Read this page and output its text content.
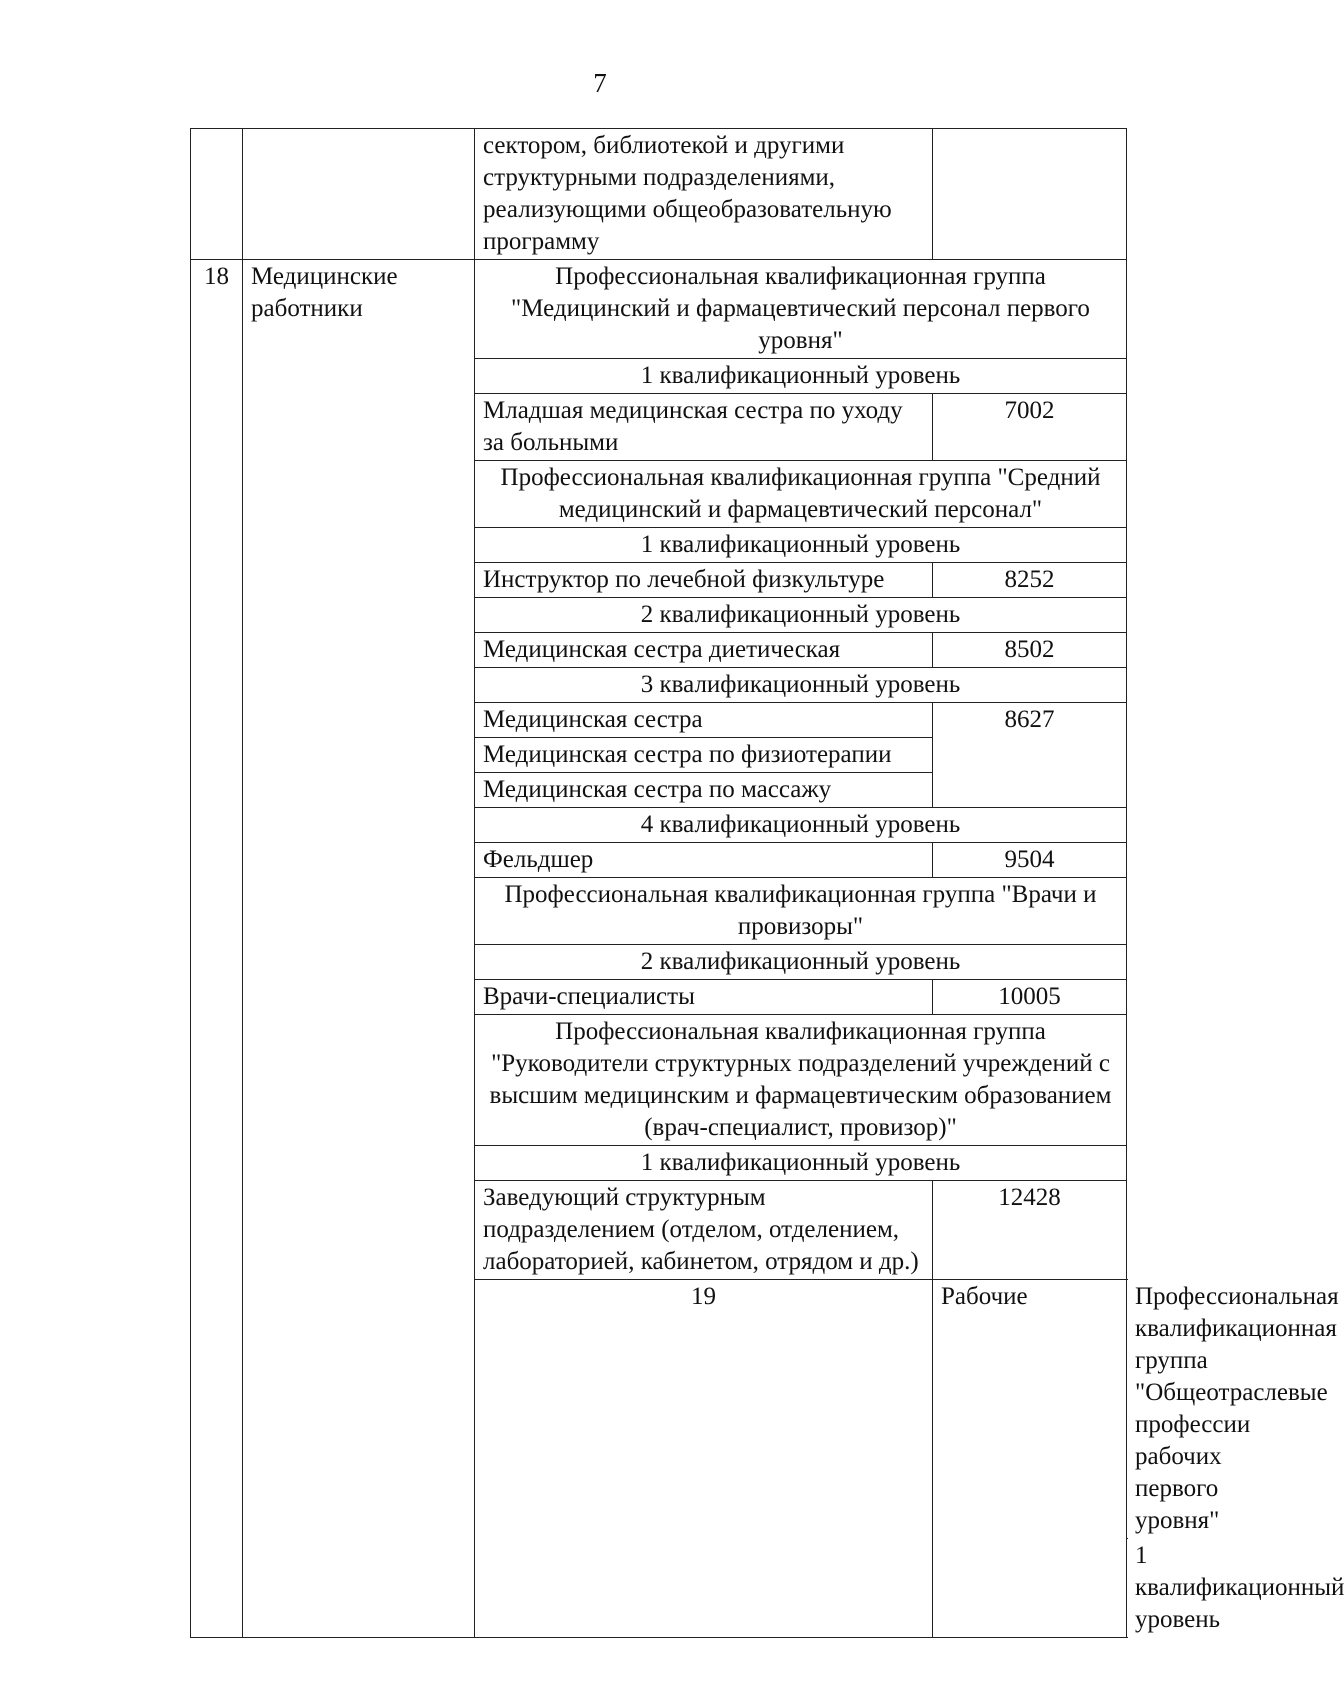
7
		сектором, библиотекой и другими структурными подразделениями, реализующими общеобразовательную программу		
18	Медицинские работники	Профессиональная квалификационная группа "Медицинский и фармацевтический персонал первого уровня"		
		1 квалификационный уровень		
		Младшая медицинская сестра по уходу за больными	7002	
		Профессиональная квалификационная группа "Средний медицинский и фармацевтический персонал"		
		1 квалификационный уровень		
		Инструктор по лечебной физкультуре	8252	
		2 квалификационный уровень		
		Медицинская сестра диетическая	8502	
		3 квалификационный уровень		
		Медицинская сестра	8627	
		Медицинская сестра по физиотерапии		
		Медицинская сестра по массажу		
		4 квалификационный уровень		
		Фельдшер	9504	
		Профессиональная квалификационная группа "Врачи и провизоры"		
		2 квалификационный уровень		
		Врачи-специалисты	10005	
		Профессиональная квалификационная группа "Руководители структурных подразделений учреждений с высшим медицинским и фармацевтическим образованием (врач-специалист, провизор)"		
		1 квалификационный уровень		
		Заведующий структурным подразделением (отделом, отделением, лабораторией, кабинетом, отрядом и др.)	12428	
		19	Рабочие	Профессиональная квалификационная группа "Общеотраслевые профессии рабочих первого уровня"
				1 квалификационный уровень
